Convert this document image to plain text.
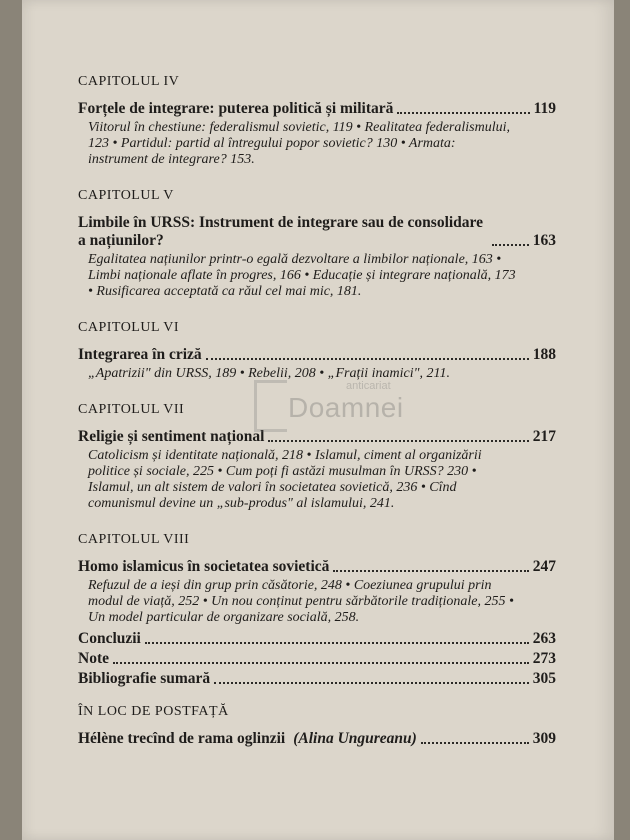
CAPITOLUL IV
Forțele de integrare: puterea politică și militară	119
Viitorul în chestiune: federalismul sovietic, 119 • Realitatea federalismului, 123 • Partidul: partid al întregului popor sovietic? 130 • Armata: instrument de integrare? 153.
CAPITOLUL V
Limbile în URSS: Instrument de integrare sau de consolidare a națiunilor?	163
Egalitatea națiunilor printr-o egală dezvoltare a limbilor naționale, 163 • Limbi naționale aflate în progres, 166 • Educație și integrare națională, 173 • Rusificarea acceptată ca răul cel mai mic, 181.
CAPITOLUL VI
Integrarea în criză	188
„Apatrizii" din URSS, 189 • Rebelii, 208 • „Frații inamici", 211.
CAPITOLUL VII
Religie și sentiment național	217
Catolicism și identitate națională, 218 • Islamul, ciment al organizării politice și sociale, 225 • Cum poți fi astăzi musulman în URSS? 230 • Islamul, un alt sistem de valori în societatea sovietică, 236 • Cînd comunismul devine un „sub-produs" al islamului, 241.
CAPITOLUL VIII
Homo islamicus în societatea sovietică	247
Refuzul de a ieși din grup prin căsătorie, 248 • Coeziunea grupului prin modul de viață, 252 • Un nou conținut pentru sărbătorile tradiționale, 255 • Un model particular de organizare socială, 258.
Concluzii	263
Note	273
Bibliografie sumară	305
ÎN LOC DE POSTFAȚĂ
Hélène trecînd de rama oglinzii (Alina Ungureanu)	309
anticariat
Doamnei
